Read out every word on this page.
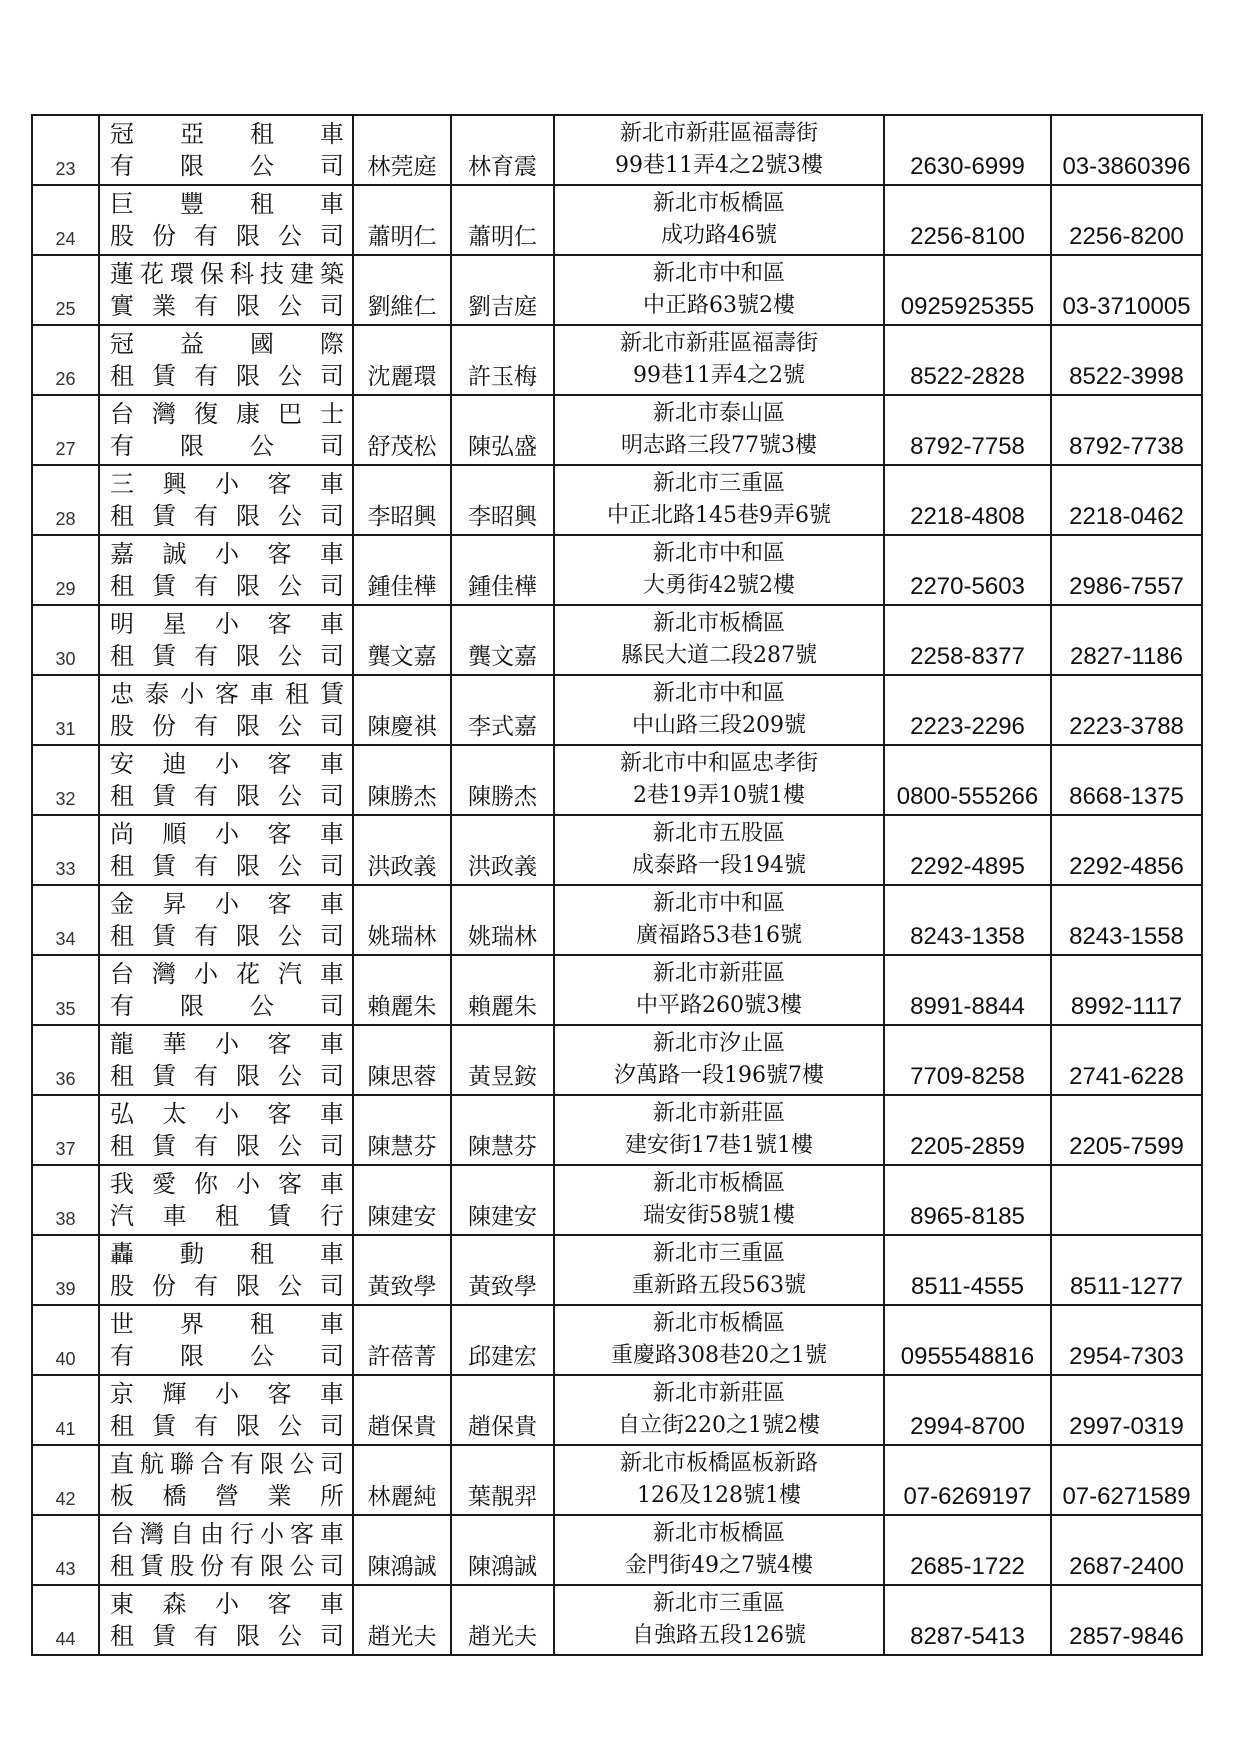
23	冠　亞　租　車
有　限　公　司	林莞庭	林育震	新北市新莊區福壽街
99巷11弄4之2號3樓	2630-6999	03-3860396
24	巨　豐　租　車
股份有限公司	蕭明仁	蕭明仁	新北市板橋區
成功路46號	2256-8100	2256-8200
25	蓮花環保科技建築
實業有限公司	劉維仁	劉吉庭	新北市中和區
中正路63號2樓	0925925355	03-3710005
26	冠　益　國　際
租賃有限公司	沈麗環	許玉梅	新北市新莊區福壽街
99巷11弄4之2號	8522-2828	8522-3998
27	台灣復康巴士
有　限　公　司	舒茂松	陳弘盛	新北市泰山區
明志路三段77號3樓	8792-7758	8792-7738
28	三　興　小　客　車
租賃有限公司	李昭興	李昭興	新北市三重區
中正北路145巷9弄6號	2218-4808	2218-0462
29	嘉　誠　小　客　車
租賃有限公司	鍾佳樺	鍾佳樺	新北市中和區
大勇街42號2樓	2270-5603	2986-7557
30	明　星　小　客　車
租賃有限公司	龔文嘉	龔文嘉	新北市板橋區
縣民大道二段287號	2258-8377	2827-1186
31	忠泰小客車租賃
股份有限公司	陳慶祺	李式嘉	新北市中和區
中山路三段209號	2223-2296	2223-3788
32	安　迪　小　客　車
租賃有限公司	陳勝杰	陳勝杰	新北市中和區忠孝街
2巷19弄10號1樓	0800-555266	8668-1375
33	尚　順　小　客　車
租賃有限公司	洪政義	洪政義	新北市五股區
成泰路一段194號	2292-4895	2292-4856
34	金　昇　小　客　車
租賃有限公司	姚瑞林	姚瑞林	新北市中和區
廣福路53巷16號	8243-1358	8243-1558
35	台灣小花汽車
有　限　公　司	賴麗朱	賴麗朱	新北市新莊區
中平路260號3樓	8991-8844	8992-1117
36	龍　華　小　客　車
租賃有限公司	陳思蓉	黃昱銨	新北市汐止區
汐萬路一段196號7樓	7709-8258	2741-6228
37	弘　太　小　客　車
租賃有限公司	陳慧芬	陳慧芬	新北市新莊區
建安街17巷1號1樓	2205-2859	2205-7599
38	我愛你小客車
汽車租賃行	陳建安	陳建安	新北市板橋區
瑞安街58號1樓	8965-8185	
39	轟　動　租　車
股份有限公司	黃致學	黃致學	新北市三重區
重新路五段563號	8511-4555	8511-1277
40	世　界　租　車
有　限　公　司	許蓓菁	邱建宏	新北市板橋區
重慶路308巷20之1號	0955548816	2954-7303
41	京　輝　小　客　車
租賃有限公司	趙保貴	趙保貴	新北市新莊區
自立街220之1號2樓	2994-8700	2997-0319
42	直航聯合有限公司
板　橋　營　業　所	林麗純	葉靚羿	新北市板橋區板新路
126及128號1樓	07-6269197	07-6271589
43	台灣自由行小客車
租賃股份有限公司	陳鴻誠	陳鴻誠	新北市板橋區
金門街49之7號4樓	2685-1722	2687-2400
44	東　森　小　客　車
租賃有限公司	趙光夫	趙光夫	新北市三重區
自強路五段126號	8287-5413	2857-9846
